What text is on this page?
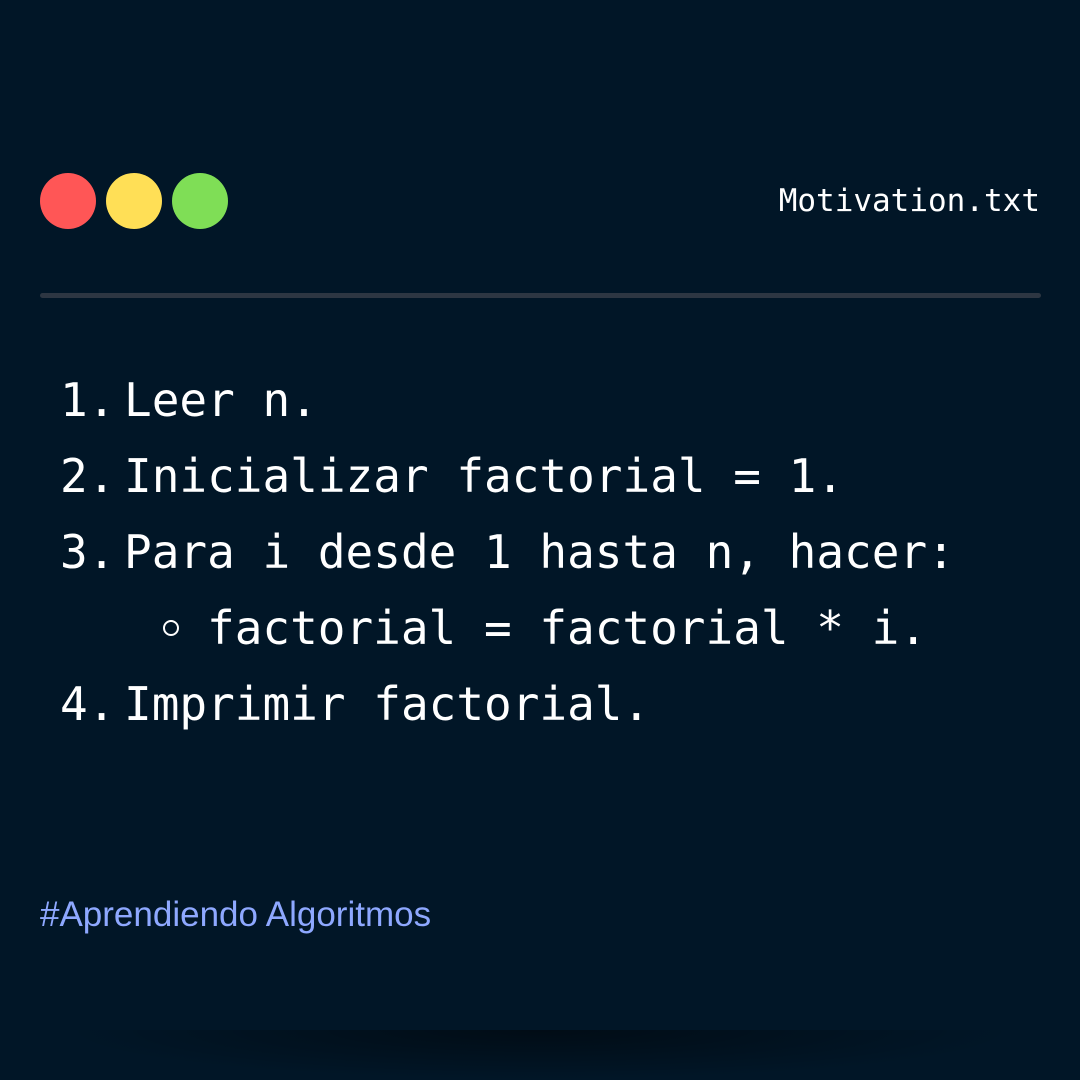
Motivation.txt
1. Leer n.
2. Inicializar factorial = 1.
3. Para i desde 1 hasta n, hacer:
factorial = factorial * i.
4. Imprimir factorial.
#Aprendiendo Algoritmos
